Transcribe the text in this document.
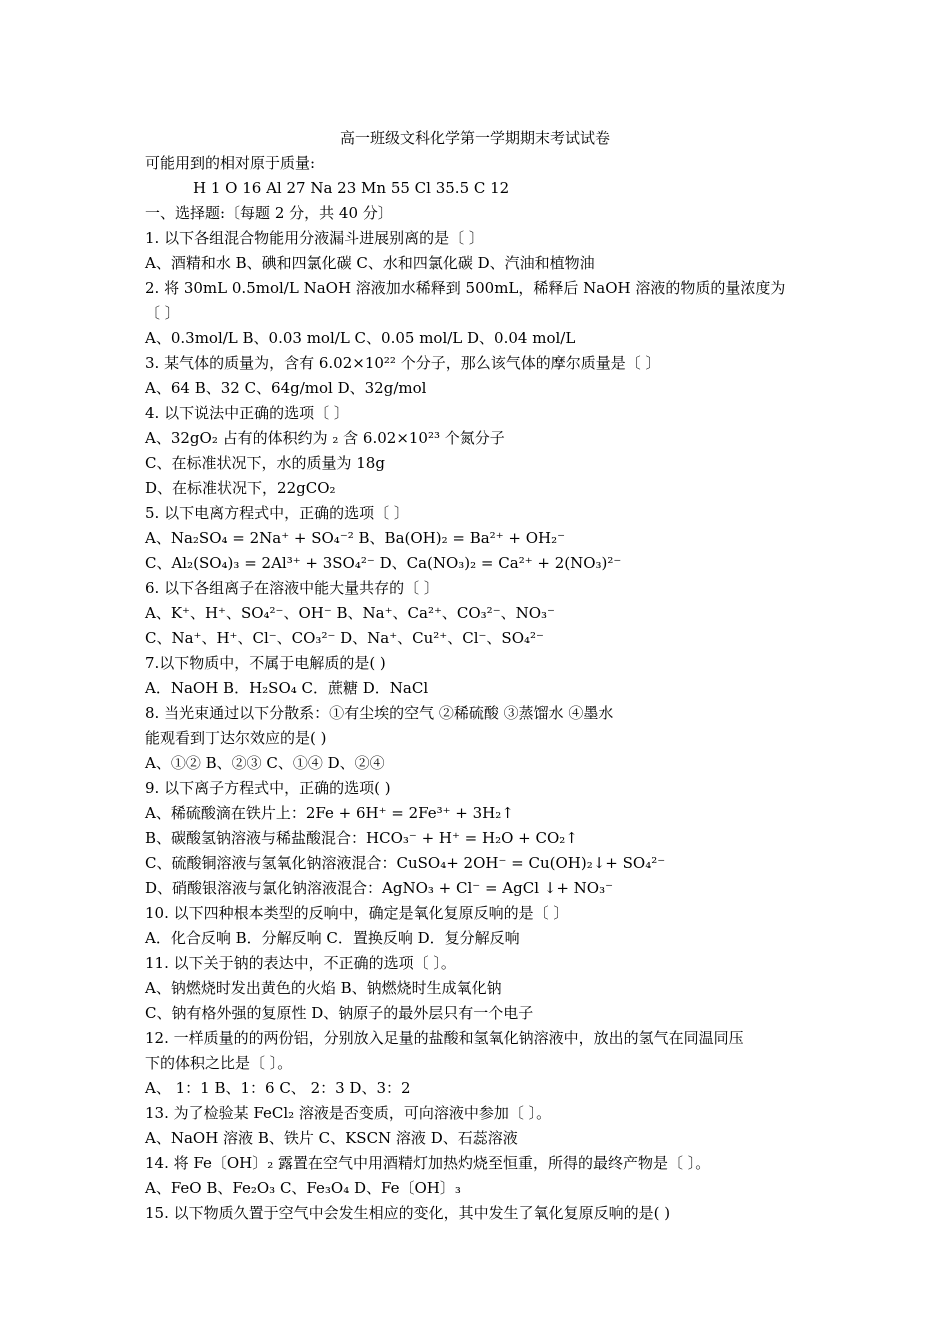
高一班级文科化学第一学期期末考试试卷
可能用到的相对原于质量:
H 1 O 16 Al 27 Na 23 Mn 55 Cl 35.5 C 12
一、选择题:〔每题 2 分，共 40 分〕
1. 以下各组混合物能用分液漏斗进展别离的是〔 〕
A、酒精和水 B、碘和四氯化碳 C、水和四氯化碳 D、汽油和植物油
2. 将 30mL 0.5mol/L NaOH 溶液加水稀释到 500mL，稀释后 NaOH 溶液的物质的量浓度为
〔 〕
A、0.3mol/L B、0.03 mol/L C、0.05 mol/L D、0.04 mol/L
3. 某气体的质量为，含有 6.02×10²² 个分子，那么该气体的摩尔质量是〔 〕
A、64 B、32 C、64g/mol D、32g/mol
4. 以下说法中正确的选项〔 〕
A、32gO₂ 占有的体积约为 ₂ 含 6.02×10²³ 个氮分子
C、在标准状况下，水的质量为 18g
D、在标准状况下，22gCO₂
5. 以下电离方程式中，正确的选项〔 〕
A、Na₂SO₄ = 2Na⁺ + SO₄⁻² B、Ba(OH)₂ = Ba²⁺ + OH₂⁻
C、Al₂(SO₄)₃ = 2Al³⁺ + 3SO₄²⁻ D、Ca(NO₃)₂ = Ca²⁺ + 2(NO₃)²⁻
6. 以下各组离子在溶液中能大量共存的〔 〕
A、K⁺、H⁺、SO₄²⁻、OH⁻ B、Na⁺、Ca²⁺、CO₃²⁻、NO₃⁻
C、Na⁺、H⁺、Cl⁻、CO₃²⁻ D、Na⁺、Cu²⁺、Cl⁻、SO₄²⁻
7.以下物质中，不属于电解质的是( )
A．NaOH B．H₂SO₄ C．蔗糖 D．NaCl
8. 当光束通过以下分散系：①有尘埃的空气 ②稀硫酸 ③蒸馏水 ④墨水
能观看到丁达尔效应的是( )
A、①② B、②③ C、①④ D、②④
9. 以下离子方程式中，正确的选项( )
A、稀硫酸滴在铁片上：2Fe + 6H⁺ = 2Fe³⁺ + 3H₂↑
B、碳酸氢钠溶液与稀盐酸混合：HCO₃⁻ + H⁺ = H₂O + CO₂↑
C、硫酸铜溶液与氢氧化钠溶液混合：CuSO₄+ 2OH⁻ = Cu(OH)₂↓+ SO₄²⁻
D、硝酸银溶液与氯化钠溶液混合：AgNO₃ + Cl⁻ = AgCl ↓+ NO₃⁻
10. 以下四种根本类型的反响中，确定是氧化复原反响的是〔 〕
A．化合反响 B．分解反响 C．置换反响 D．复分解反响
11. 以下关于钠的表达中，不正确的选项〔 〕。
A、钠燃烧时发出黄色的火焰 B、钠燃烧时生成氧化钠
C、钠有格外强的复原性 D、钠原子的最外层只有一个电子
12. 一样质量的的两份铝，分别放入足量的盐酸和氢氧化钠溶液中，放出的氢气在同温同压
下的体积之比是〔 〕。
A、 1：1 B、1：6 C、 2：3 D、3：2
13. 为了检验某 FeCl₂ 溶液是否变质，可向溶液中参加〔 〕。
A、NaOH 溶液 B、铁片 C、KSCN 溶液 D、石蕊溶液
14. 将 Fe〔OH〕₂ 露置在空气中用酒精灯加热灼烧至恒重，所得的最终产物是〔 〕。
A、FeO B、Fe₂O₃ C、Fe₃O₄ D、Fe〔OH〕₃
15. 以下物质久置于空气中会发生相应的变化，其中发生了氧化复原反响的是( )
